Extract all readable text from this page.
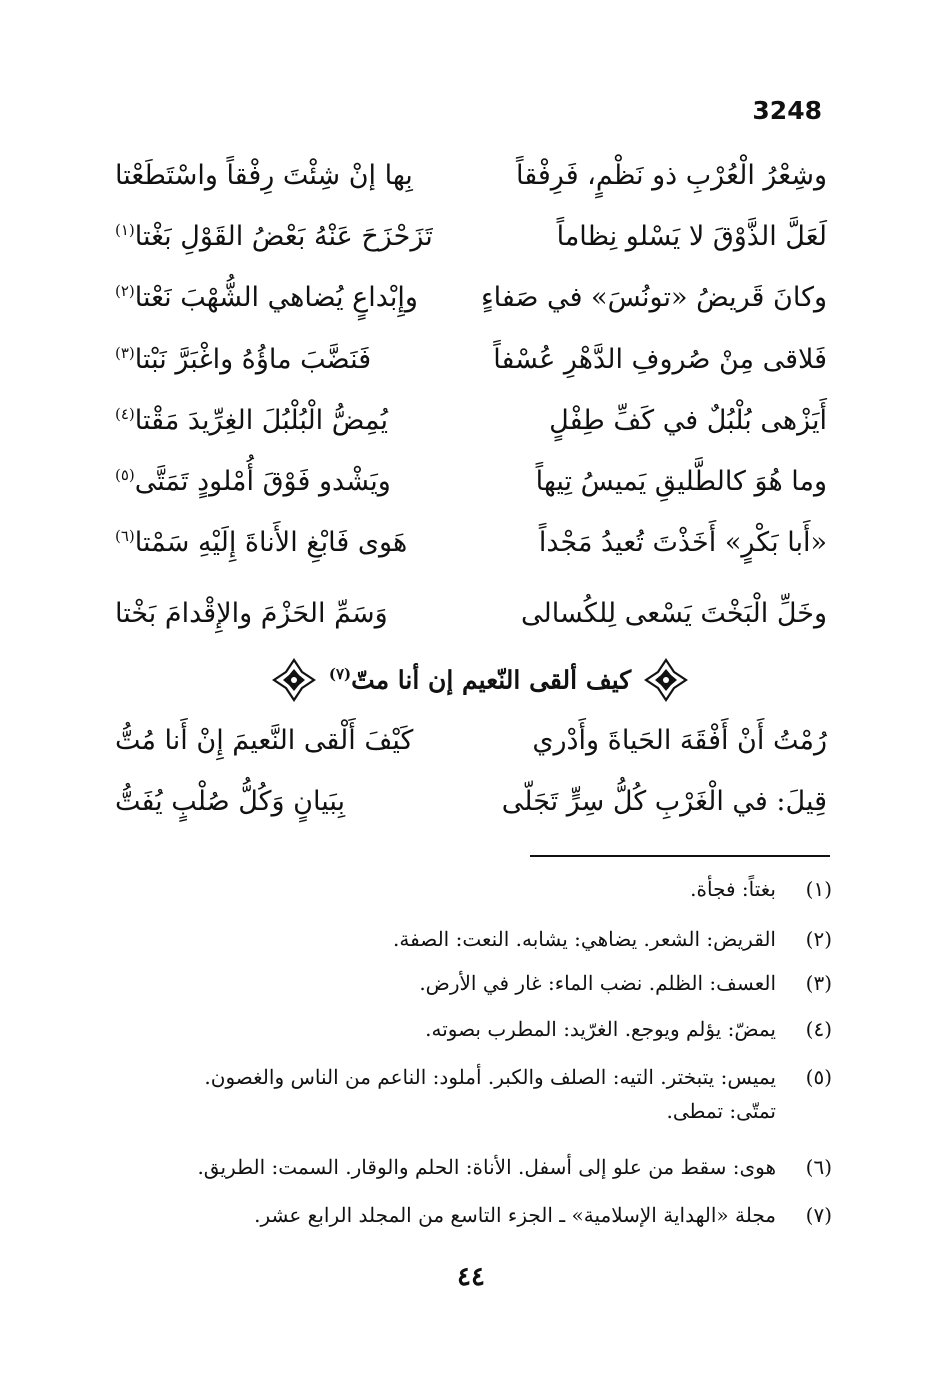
3248
وشِعْرُ الْعُرْبِ ذو نَظْمٍ، فَرِفْقاً
بِها إنْ شِئْتَ رِفْقاً واسْتَطَعْتا
لَعَلَّ الذَّوْقَ لا يَسْلو نِظاماً
تَزَحْزَحَ عَنْهُ بَعْضُ القَوْلِ بَغْتا$^{(١)}$
وكانَ قَريضُ «تونُسَ» في صَفاءٍ
وإِبْداعٍ يُضاهي الشُّهْبَ نَعْتا$^{(٢)}$
فَلاقى مِنْ صُروفِ الدَّهْرِ عُسْفاً
فَنَضَّبَ ماؤُهُ واغْبَرَّ نَبْتا$^{(٣)}$
أَيَزْهى بُلْبُلٌ في كَفِّ طِفْلٍ
يُمِضُّ الْبُلْبُلَ الغِرِّيدَ مَقْتا$^{(٤)}$
وما هُوَ كالطَّليقِ يَميسُ تِيهاً
ويَشْدو فَوْقَ أُمْلودٍ تَمَتَّى$^{(٥)}$
«أَبا بَكْرٍ» أَخَذْتَ تُعيدُ مَجْداً
هَوى فَابْغِ الأَناةَ إِلَيْهِ سَمْتا$^{(٦)}$
وخَلِّ الْبَخْتَ يَسْعى لِلكُسالى
وَسَمِّ الحَزْمَ والإِقْدامَ بَخْتا
كيف ألقى النّعيم إن أنا متّ$^{(٧)}$
رُمْتُ أَنْ أَفْقَهَ الحَياةَ وأَدْري
كَيْفَ أَلْقى النَّعيمَ إِنْ أَنا مُتُّ
قِيلَ: في الْغَرْبِ كُلُّ سِرٍّ تَجَلّى
بِبَيانٍ وَكُلُّ صُلْبٍ يُفَتُّ
(١)بغتاً: فجأة.
(٢)القريض: الشعر. يضاهي: يشابه. النعت: الصفة.
(٣)العسف: الظلم. نضب الماء: غار في الأرض.
(٤)يمضّ: يؤلم ويوجع. الغرّيد: المطرب بصوته.
(٥)يميس: يتبختر. التيه: الصلف والكبر. أملود: الناعم من الناس والغصون.
تمتّى: تمطى.
(٦)هوى: سقط من علو إلى أسفل. الأناة: الحلم والوقار. السمت: الطريق.
(٧)مجلة «الهداية الإسلامية» ـ الجزء التاسع من المجلد الرابع عشر.
٤٤
